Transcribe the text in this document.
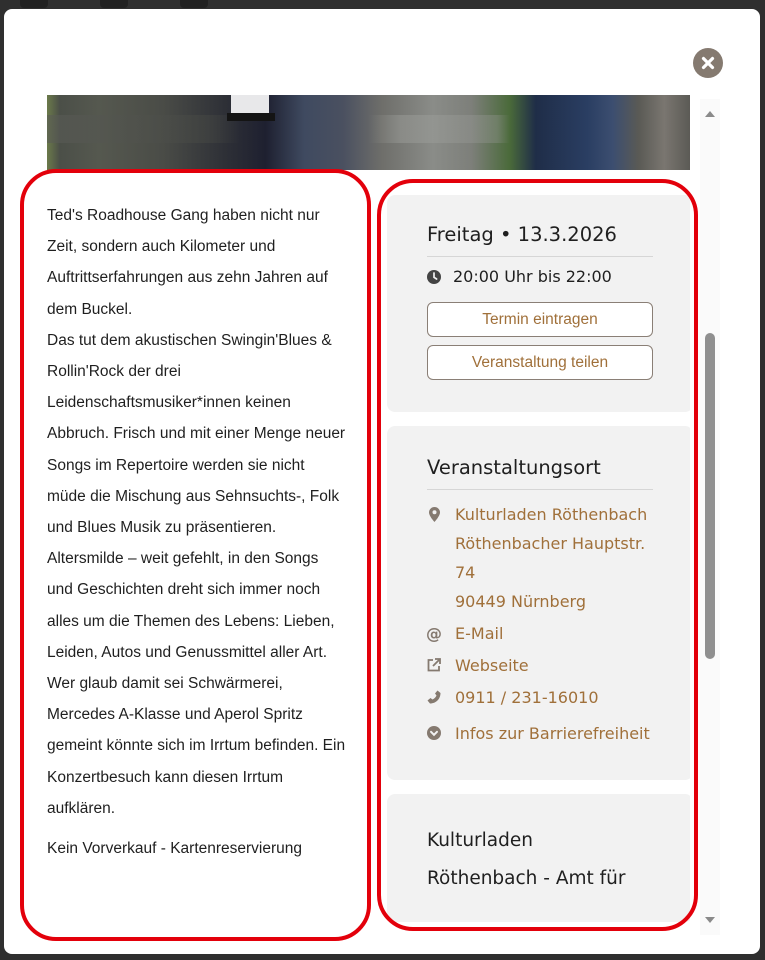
Ted's Roadhouse Gang haben nicht nur Zeit, sondern auch Kilometer und Auftrittserfahrungen aus zehn Jahren auf dem Buckel.

Das tut dem akustischen Swingin'Blues & Rollin'Rock der drei Leidenschaftsmusiker*innen keinen Abbruch. Frisch und mit einer Menge neuer Songs im Repertoire werden sie nicht müde die Mischung aus Sehnsuchts-, Folk und Blues Musik zu präsentieren.

Altersmilde – weit gefehlt, in den Songs und Geschichten dreht sich immer noch alles um die Themen des Lebens: Lieben, Leiden, Autos und Genussmittel aller Art.

Wer glaub damit sei Schwärmerei, Mercedes A-Klasse und Aperol Spritz gemeint könnte sich im Irrtum befinden. Ein Konzertbesuch kann diesen Irrtum aufklären.

Kein Vorverkauf - Kartenreservierung

Freitag • 13.3.2026
20:00 Uhr bis 22:00
Termin eintragen
Veranstaltung teilen
Veranstaltungsort
Kulturladen Röthenbach
Röthenbacher Hauptstr.
74
90449 Nürnberg
@ E-Mail
Webseite
0911 / 231-16010
Infos zur Barrierefreiheit
Kulturladen
Röthenbach - Amt für
